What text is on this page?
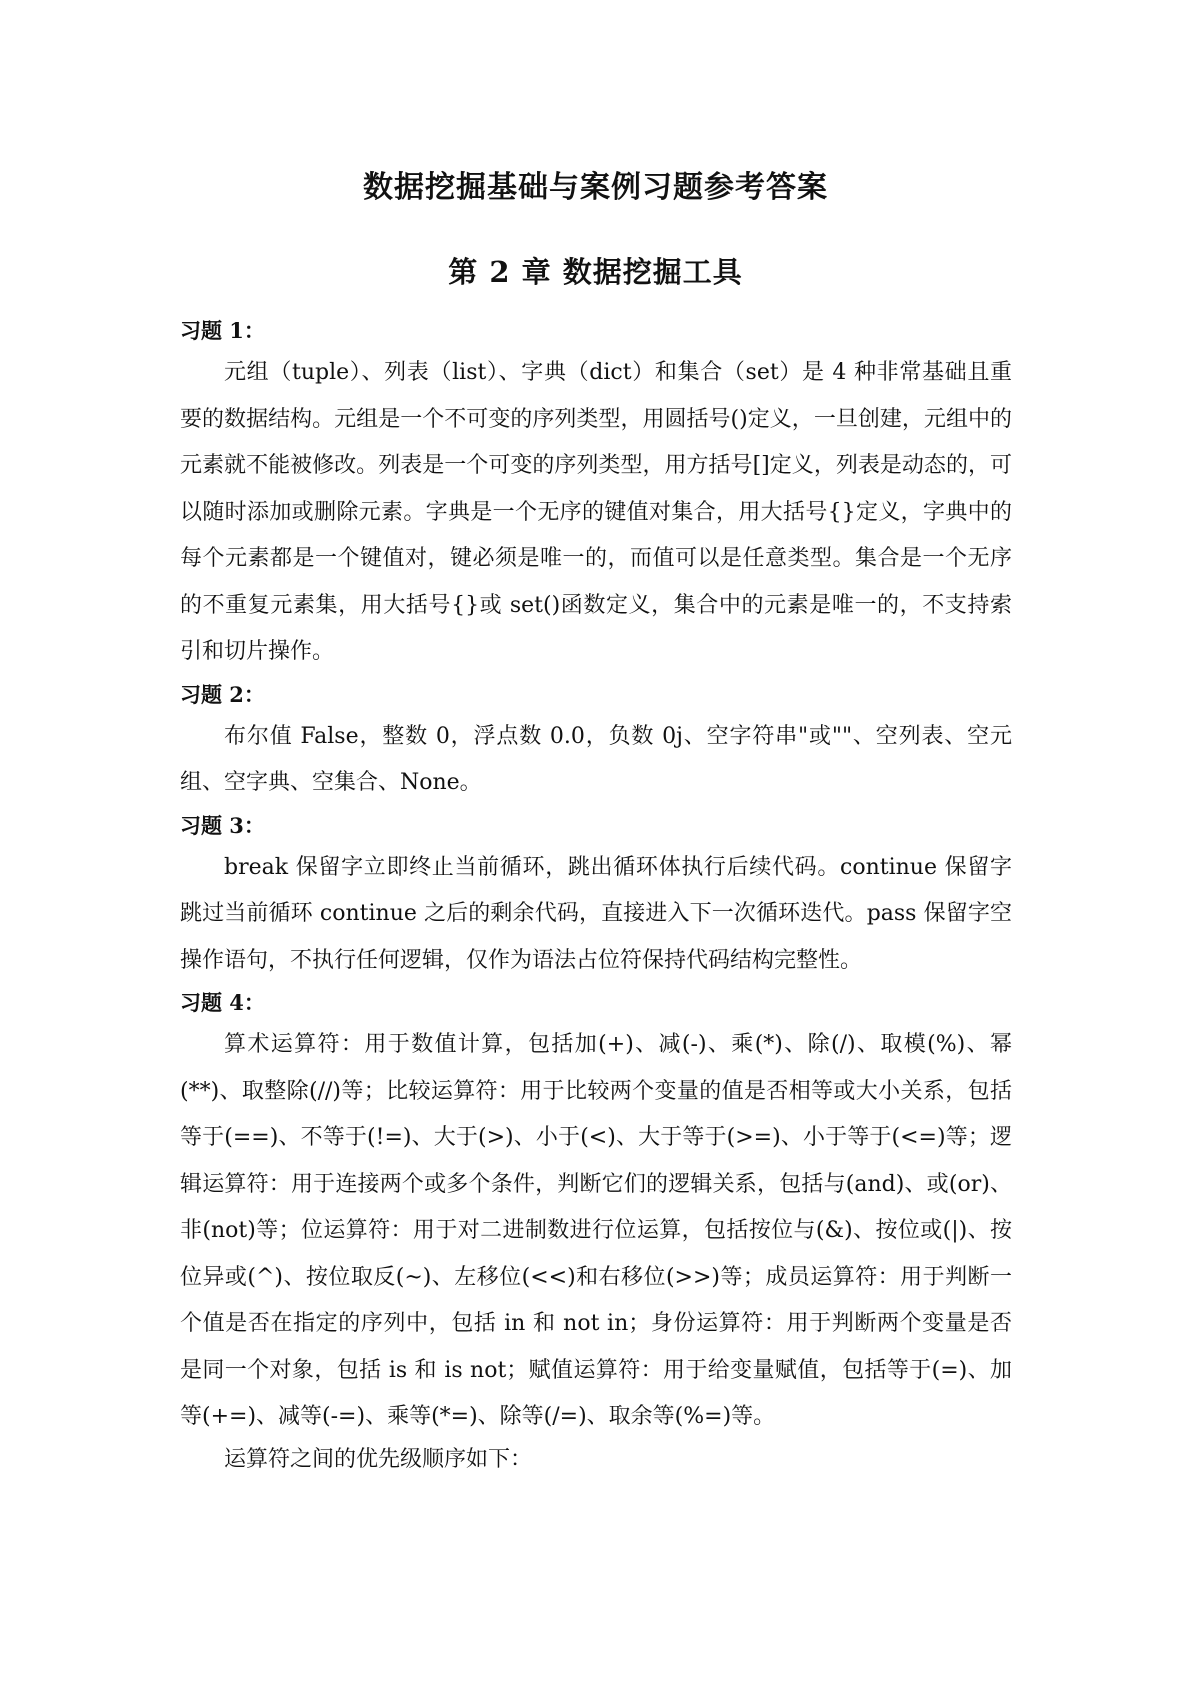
数据挖掘基础与案例习题参考答案
第 2 章 数据挖掘工具
习题 1：

元组（tuple）、列表（list）、字典（dict）和集合（set）是 4 种非常基础且重要的数据结构。元组是一个不可变的序列类型，用圆括号()定义，一旦创建，元组中的元素就不能被修改。列表是一个可变的序列类型，用方括号[]定义，列表是动态的，可以随时添加或删除元素。字典是一个无序的键值对集合，用大括号{}定义，字典中的每个元素都是一个键值对，键必须是唯一的，而值可以是任意类型。集合是一个无序的不重复元素集，用大括号{}或 set()函数定义，集合中的元素是唯一的，不支持索引和切片操作。

习题 2：

布尔值 False，整数 0，浮点数 0.0，负数 0j、空字符串"或""、空列表、空元组、空字典、空集合、None。

习题 3：

break 保留字立即终止当前循环，跳出循环体执行后续代码。continue 保留字跳过当前循环 continue 之后的剩余代码，直接进入下一次循环迭代。pass 保留字空操作语句，不执行任何逻辑，仅作为语法占位符保持代码结构完整性。

习题 4：

算术运算符：用于数值计算，包括加(+)、减(-)、乘(*)、除(/)、取模(%)、幂(**)、取整除(//)等；比较运算符：用于比较两个变量的值是否相等或大小关系，包括等于(==)、不等于(!=)、大于(>)、小于(<)、大于等于(>=)、小于等于(<=)等；逻辑运算符：用于连接两个或多个条件，判断它们的逻辑关系，包括与(and)、或(or)、非(not)等；位运算符：用于对二进制数进行位运算，包括按位与(&)、按位或(|)、按位异或(^)、按位取反(~)、左移位(<<)和右移位(>>)等；成员运算符：用于判断一个值是否在指定的序列中，包括 in 和 not in；身份运算符：用于判断两个变量是否是同一个对象，包括 is 和 is not；赋值运算符：用于给变量赋值，包括等于(=)、加等(+=)、减等(-=)、乘等(*=)、除等(/=)、取余等(%=)等。

运算符之间的优先级顺序如下：
